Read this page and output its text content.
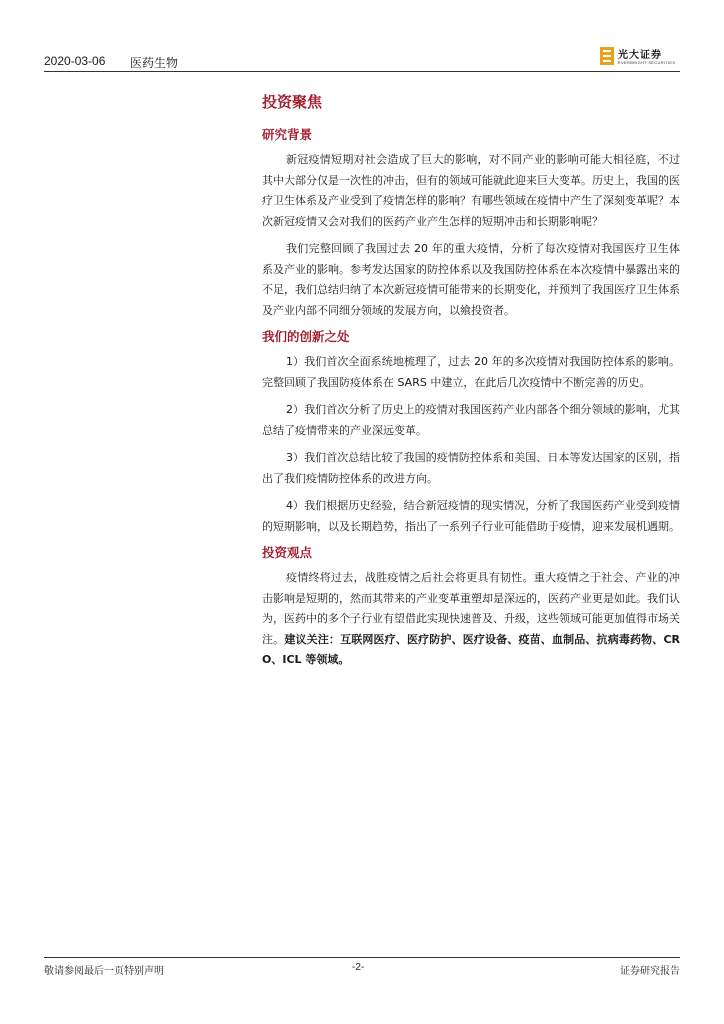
2020-03-06 医药生物
光大证券
EVERBRIGHT SECURITIES
投资聚焦
研究背景

新冠疫情短期对社会造成了巨大的影响，对不同产业的影响可能大相径庭，不过其中大部分仅是一次性的冲击，但有的领域可能就此迎来巨大变革。历史上，我国的医疗卫生体系及产业受到了疫情怎样的影响？有哪些领域在疫情中产生了深刻变革呢？本次新冠疫情又会对我们的医药产业产生怎样的短期冲击和长期影响呢？

我们完整回顾了我国过去 20 年的重大疫情，分析了每次疫情对我国医疗卫生体系及产业的影响。参考发达国家的防控体系以及我国防控体系在本次疫情中暴露出来的不足，我们总结归纳了本次新冠疫情可能带来的长期变化，并预判了我国医疗卫生体系及产业内部不同细分领域的发展方向，以飨投资者。

我们的创新之处

1）我们首次全面系统地梳理了，过去 20 年的多次疫情对我国防控体系的影响。完整回顾了我国防疫体系在 SARS 中建立，在此后几次疫情中不断完善的历史。

2）我们首次分析了历史上的疫情对我国医药产业内部各个细分领域的影响，尤其总结了疫情带来的产业深远变革。

3）我们首次总结比较了我国的疫情防控体系和美国、日本等发达国家的区别，指出了我们疫情防控体系的改进方向。

4）我们根据历史经验，结合新冠疫情的现实情况，分析了我国医药产业受到疫情的短期影响，以及长期趋势，指出了一系列子行业可能借助于疫情，迎来发展机遇期。

投资观点

疫情终将过去，战胜疫情之后社会将更具有韧性。重大疫情之于社会、产业的冲击影响是短期的，然而其带来的产业变革重塑却是深远的，医药产业更是如此。我们认为，医药中的多个子行业有望借此实现快速普及、升级，这些领域可能更加值得市场关注。建议关注：互联网医疗、医疗防护、医疗设备、疫苗、血制品、抗病毒药物、CRO、ICL 等领域。

敬请参阅最后一页特别声明	-2-	证券研究报告
